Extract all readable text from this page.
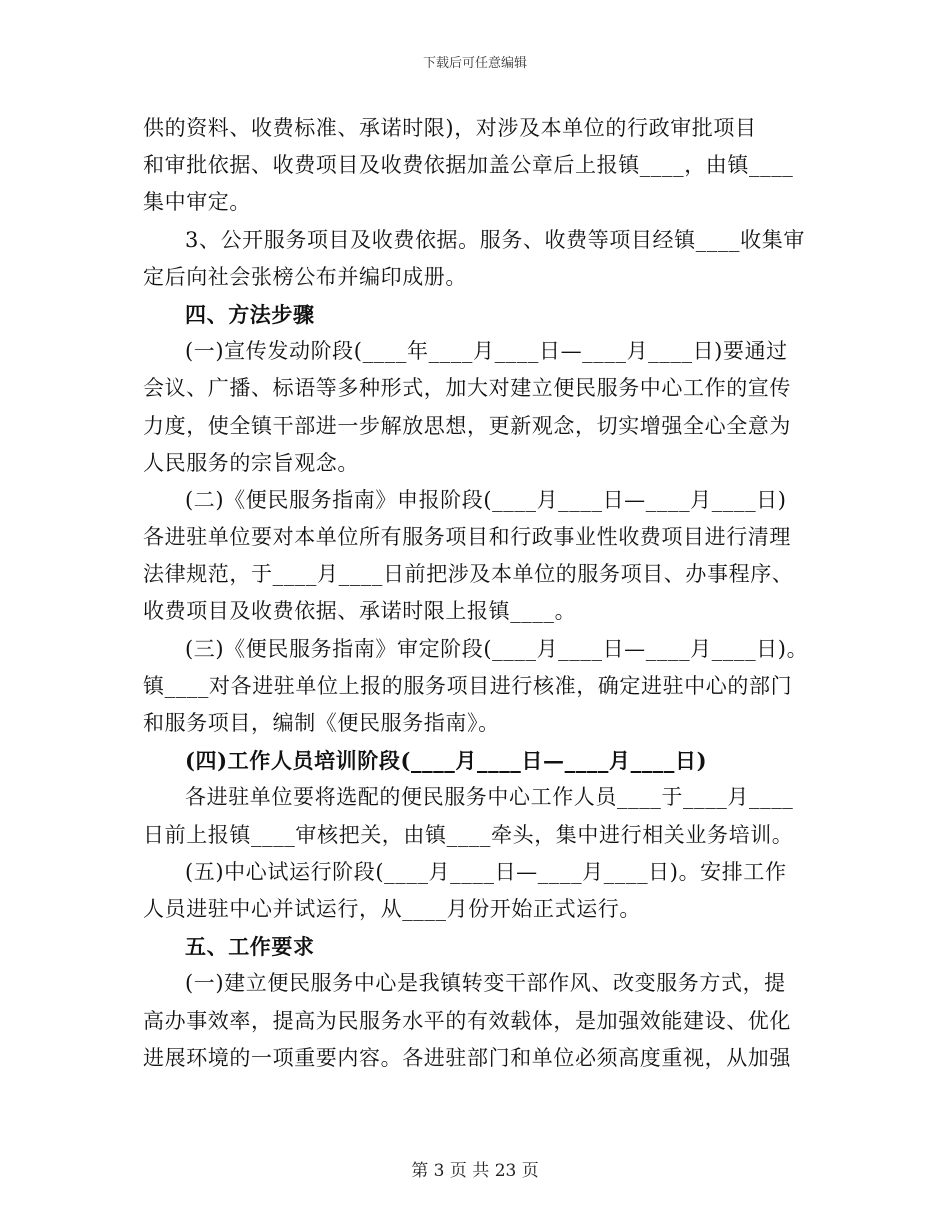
下载后可任意编辑
供的资料、收费标准、承诺时限)，对涉及本单位的行政审批项目
和审批依据、收费项目及收费依据加盖公章后上报镇____，由镇____
集中审定。
3、公开服务项目及收费依据。服务、收费等项目经镇____收集审
定后向社会张榜公布并编印成册。
四、方法步骤
(一)宣传发动阶段(____年____月____日—____月____日)要通过
会议、广播、标语等多种形式，加大对建立便民服务中心工作的宣传
力度，使全镇干部进一步解放思想，更新观念，切实增强全心全意为
人民服务的宗旨观念。
(二)《便民服务指南》申报阶段(____月____日—____月____日)
各进驻单位要对本单位所有服务项目和行政事业性收费项目进行清理
法律规范，于____月____日前把涉及本单位的服务项目、办事程序、
收费项目及收费依据、承诺时限上报镇____。
(三)《便民服务指南》审定阶段(____月____日—____月____日)。
镇____对各进驻单位上报的服务项目进行核准，确定进驻中心的部门
和服务项目，编制《便民服务指南》。
(四)工作人员培训阶段(____月____日—____月____日)
各进驻单位要将选配的便民服务中心工作人员____于____月____
日前上报镇____审核把关，由镇____牵头，集中进行相关业务培训。
(五)中心试运行阶段(____月____日—____月____日)。安排工作
人员进驻中心并试运行，从____月份开始正式运行。
五、工作要求
(一)建立便民服务中心是我镇转变干部作风、改变服务方式，提
高办事效率，提高为民服务水平的有效载体，是加强效能建设、优化
进展环境的一项重要内容。各进驻部门和单位必须高度重视，从加强
第 3 页 共 23 页
